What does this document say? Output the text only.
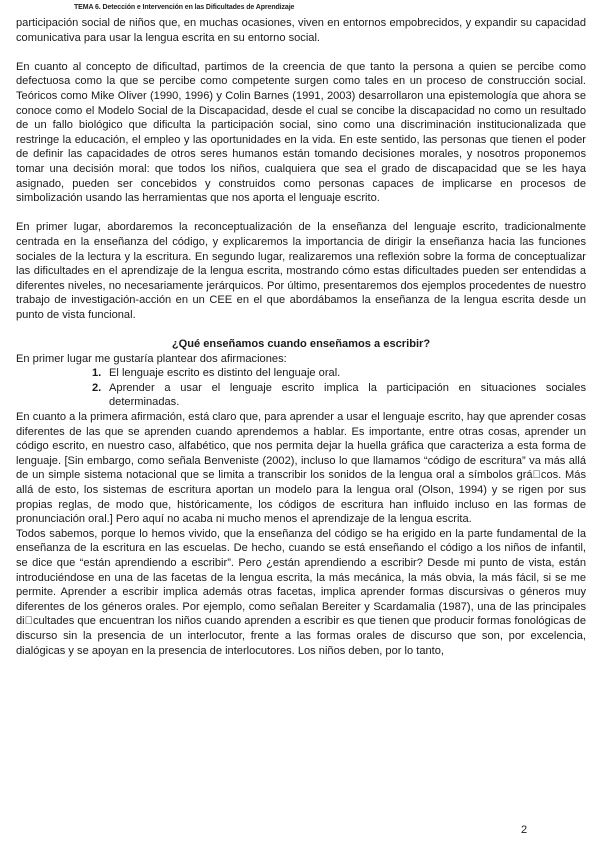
TEMA 6. Detección e Intervención en las Dificultades de Aprendizaje

participación social de niños que, en muchas ocasiones, viven en entornos empobrecidos, y expandir su capacidad comunicativa para usar la lengua escrita en su entorno social.

En cuanto al concepto de dificultad, partimos de la creencia de que tanto la persona a quien se percibe como defectuosa como la que se percibe como competente surgen como tales en un proceso de construcción social. Teóricos como Mike Oliver (1990, 1996) y Colin Barnes (1991, 2003) desarrollaron una epistemología que ahora se conoce como el Modelo Social de la Discapacidad, desde el cual se concibe la discapacidad no como un resultado de un fallo biológico que dificulta la participación social, sino como una discriminación institucionalizada que restringe la educación, el empleo y las oportunidades en la vida. En este sentido, las personas que tienen el poder de definir las capacidades de otros seres humanos están tomando decisiones morales, y nosotros proponemos tomar una decisión moral: que todos los niños, cualquiera que sea el grado de discapacidad que se les haya asignado, pueden ser concebidos y construidos como personas capaces de implicarse en procesos de simbolización usando las herramientas que nos aporta el lenguaje escrito.

En primer lugar, abordaremos la reconceptualización de la enseñanza del lenguaje escrito, tradicionalmente centrada en la enseñanza del código, y explicaremos la importancia de dirigir la enseñanza hacia las funciones sociales de la lectura y la escritura. En segundo lugar, realizaremos una reflexión sobre la forma de conceptualizar las dificultades en el aprendizaje de la lengua escrita, mostrando cómo estas dificultades pueden ser entendidas a diferentes niveles, no necesariamente jerárquicos. Por último, presentaremos dos ejemplos procedentes de nuestro trabajo de investigación-acción en un CEE en el que abordábamos la enseñanza de la lengua escrita desde un punto de vista funcional.

¿Qué enseñamos cuando enseñamos a escribir?

En primer lugar me gustaría plantear dos afirmaciones:

1. El lenguaje escrito es distinto del lenguaje oral.
2. Aprender a usar el lenguaje escrito implica la participación en situaciones sociales determinadas.

En cuanto a la primera afirmación, está claro que, para aprender a usar el lenguaje escrito, hay que aprender cosas diferentes de las que se aprenden cuando aprendemos a hablar. Es importante, entre otras cosas, aprender un código escrito, en nuestro caso, alfabético, que nos permita dejar la huella gráfica que caracteriza a esta forma de lenguaje. [Sin embargo, como señala Benveniste (2002), incluso lo que llamamos “código de escritura” va más allá de un simple sistema notacional que se limita a transcribir los sonidos de la lengua oral a símbolos grá cos. Más allá de esto, los sistemas de escritura aportan un modelo para la lengua oral (Olson, 1994) y se rigen por sus propias reglas, de modo que, históricamente, los códigos de escritura han influido incluso en las formas de pronunciación oral.] Pero aquí no acaba ni mucho menos el aprendizaje de la lengua escrita.

Todos sabemos, porque lo hemos vivido, que la enseñanza del código se ha erigido en la parte fundamental de la enseñanza de la escritura en las escuelas. De hecho, cuando se está enseñando el código a los niños de infantil, se dice que “están aprendiendo a escribir”. Pero ¿están aprendiendo a escribir? Desde mi punto de vista, están introduciéndose en una de las facetas de la lengua escrita, la más mecánica, la más obvia, la más fácil, si se me permite. Aprender a escribir implica además otras facetas, implica aprender formas discursivas o géneros muy diferentes de los géneros orales. Por ejemplo, como señalan Bereiter y Scardamalia (1987), una de las principales di cultades que encuentran los niños cuando aprenden a escribir es que tienen que producir formas fonológicas de discurso sin la presencia de un interlocutor, frente a las formas orales de discurso que son, por excelencia, dialógicas y se apoyan en la presencia de interlocutores. Los niños deben, por lo tanto,

2
